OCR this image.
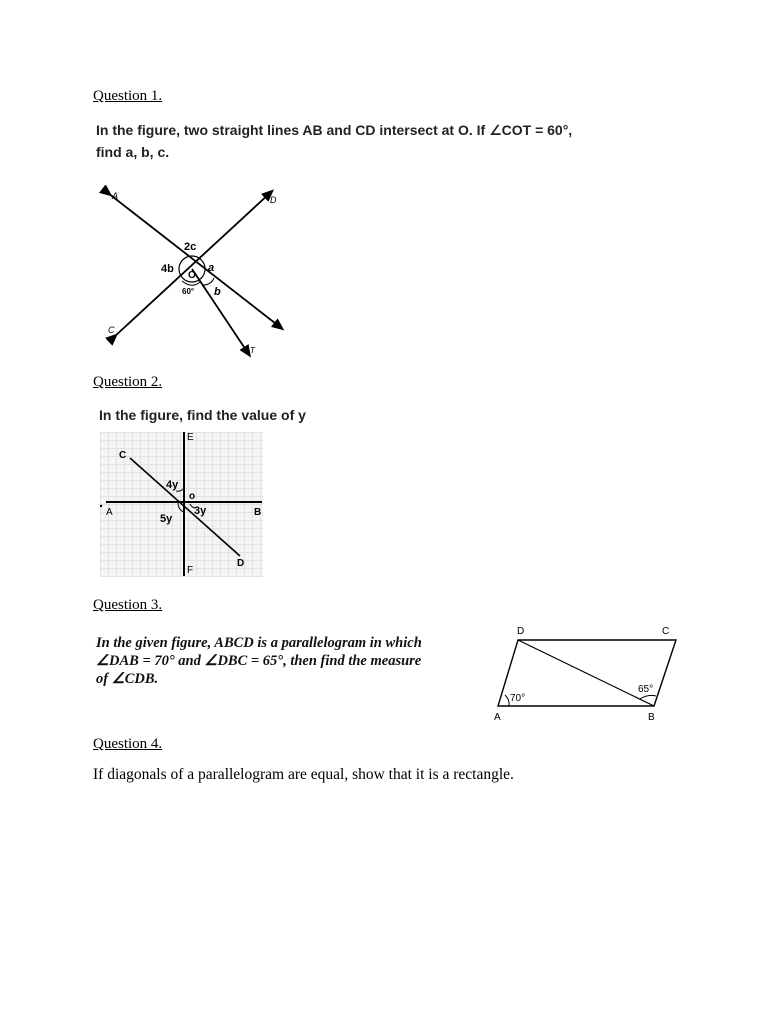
Question 1.
In the figure, two straight lines AB and CD intersect at O. If ∠COT = 60°,
find a, b, c.
A	D
C	B
T
O
2c
4b	a
60° b
Question 2.
In the figure, find the value of y
E
F
C
D
A	B
o
4y
5y
3y
Question 3.
In the given figure, ABCD is a parallelogram in which
∠DAB = 70° and ∠DBC = 65°, then find the measure
of ∠CDB.
D	C
A	B
70°
65°
Question 4.
If diagonals of a parallelogram are equal, show that it is a rectangle.
